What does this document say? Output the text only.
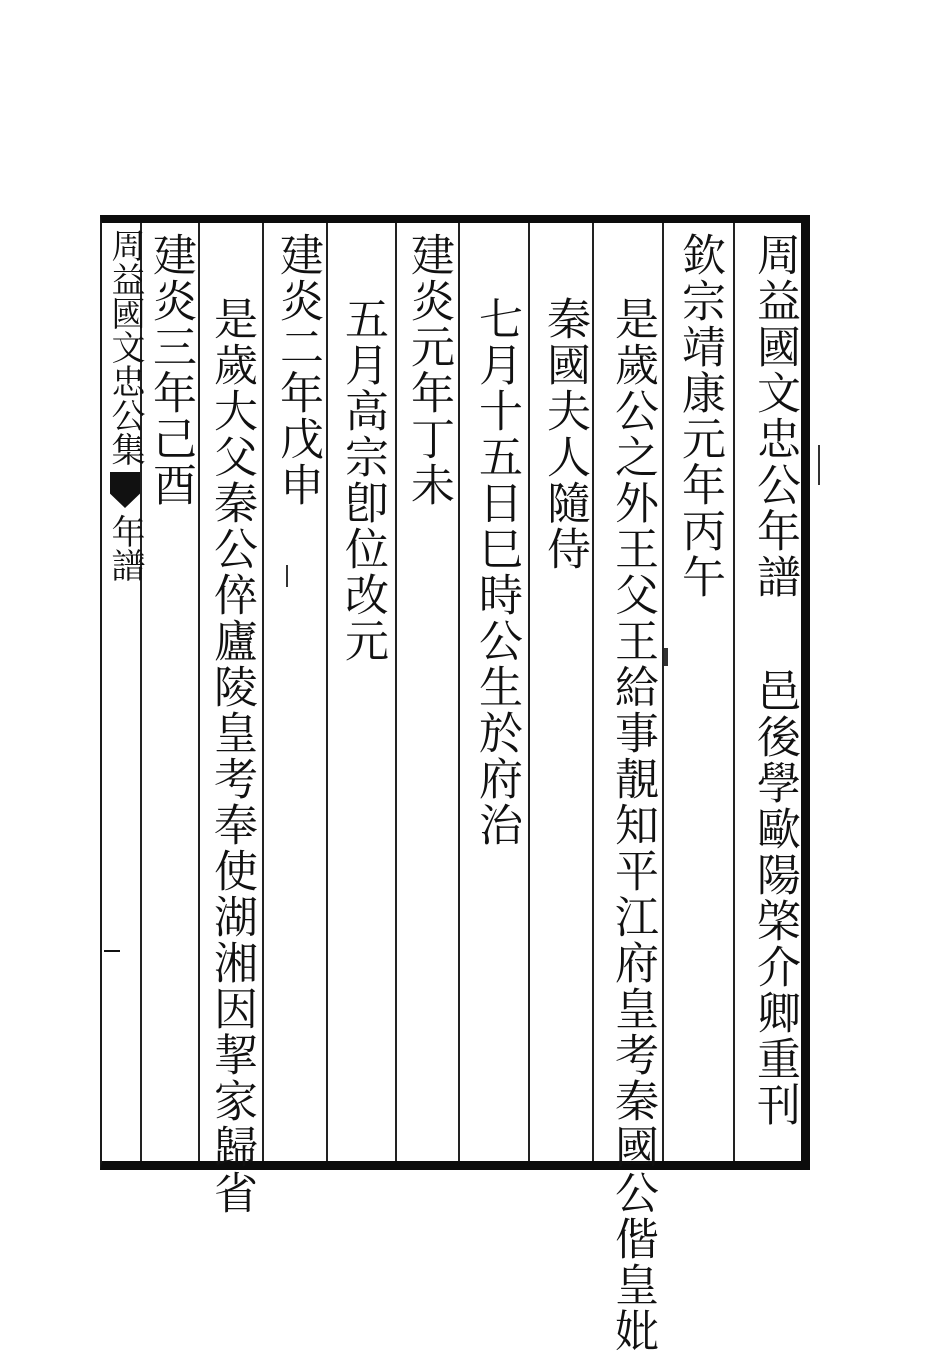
周益國文忠公集年譜	周益國文忠公年譜
邑後學歐陽棨介卿重刊
欽宗靖康元年丙午
是歲公之外王父王給事靚知平江府皇考秦國公偕皇妣
秦國夫人隨侍
七月十五日巳時公生於府治
建炎元年丁未
五月高宗卽位改元
建炎二年戊申
是歲大父秦公倅廬陵皇考奉使湖湘因挈家歸省
建炎三年己酉
